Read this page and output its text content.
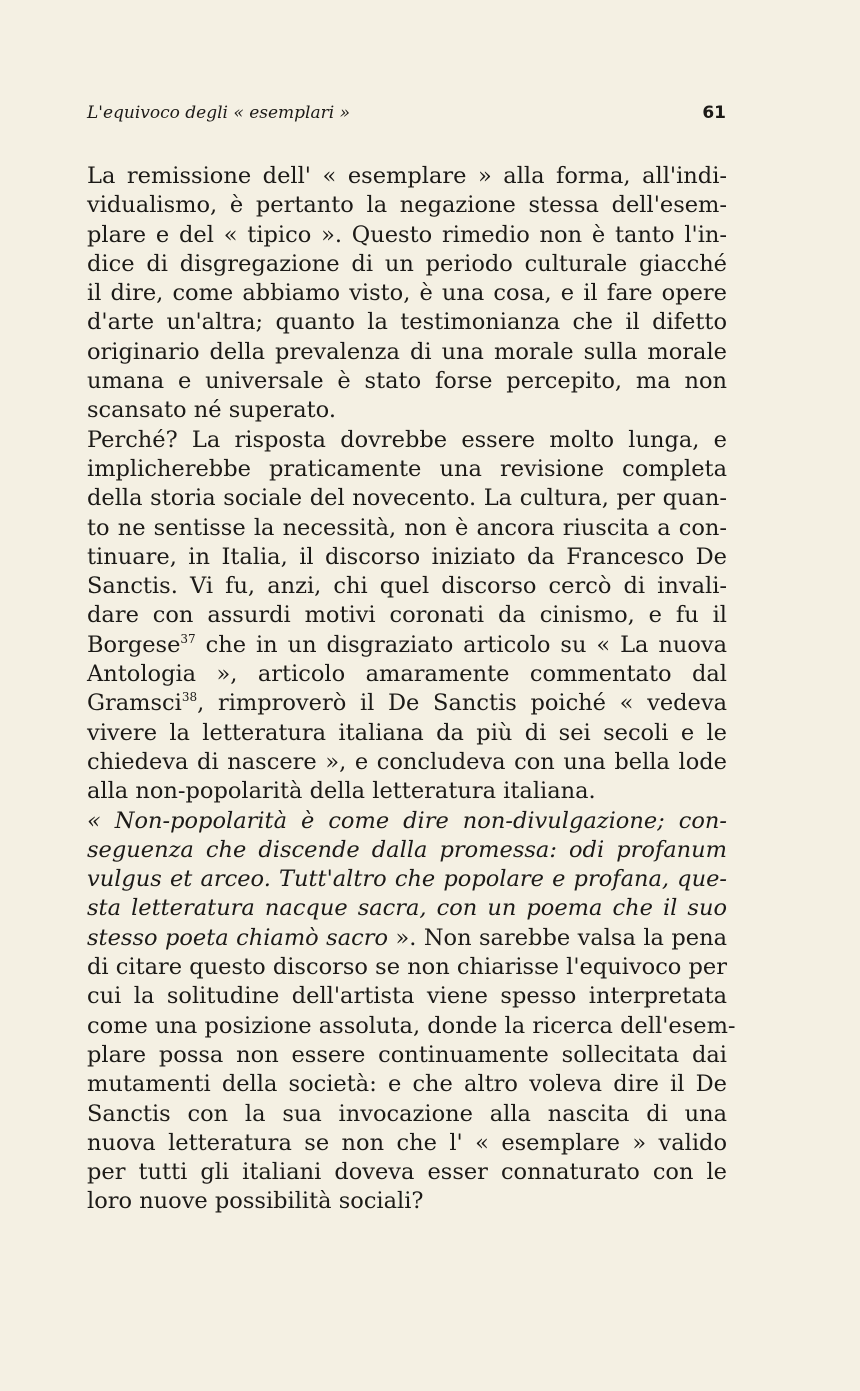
L'equivoco degli « esemplari »	61
La remissione dell' « esemplare » alla forma, all'indi-
vidualismo, è pertanto la negazione stessa dell'esem-
plare e del « tipico ». Questo rimedio non è tanto l'in-
dice di disgregazione di un periodo culturale giacché
il dire, come abbiamo visto, è una cosa, e il fare opere
d'arte un'altra; quanto la testimonianza che il difetto
originario della prevalenza di una morale sulla morale
umana e universale è stato forse percepito, ma non
scansato né superato.
Perché? La risposta dovrebbe essere molto lunga, e
implicherebbe praticamente una revisione completa
della storia sociale del novecento. La cultura, per quan-
to ne sentisse la necessità, non è ancora riuscita a con-
tinuare, in Italia, il discorso iniziato da Francesco De
Sanctis. Vi fu, anzi, chi quel discorso cercò di invali-
dare con assurdi motivi coronati da cinismo, e fu il
Borgese$^{37}$ che in un disgraziato articolo su « La nuova
Antologia », articolo amaramente commentato dal
Gramsci$^{38}$, rimproverò il De Sanctis poiché « vedeva
vivere la letteratura italiana da più di sei secoli e le
chiedeva di nascere », e concludeva con una bella lode
alla non-popolarità della letteratura italiana.
« Non-popolarità è come dire non-divulgazione; con-
seguenza che discende dalla promessa: odi profanum
vulgus et arceo. Tutt'altro che popolare e profana, que-
sta letteratura nacque sacra, con un poema che il suo
stesso poeta chiamò sacro ». Non sarebbe valsa la pena
di citare questo discorso se non chiarisse l'equivoco per
cui la solitudine dell'artista viene spesso interpretata
come una posizione assoluta, donde la ricerca dell'esem-
plare possa non essere continuamente sollecitata dai
mutamenti della società: e che altro voleva dire il De
Sanctis con la sua invocazione alla nascita di una
nuova letteratura se non che l' « esemplare » valido
per tutti gli italiani doveva esser connaturato con le
loro nuove possibilità sociali?
